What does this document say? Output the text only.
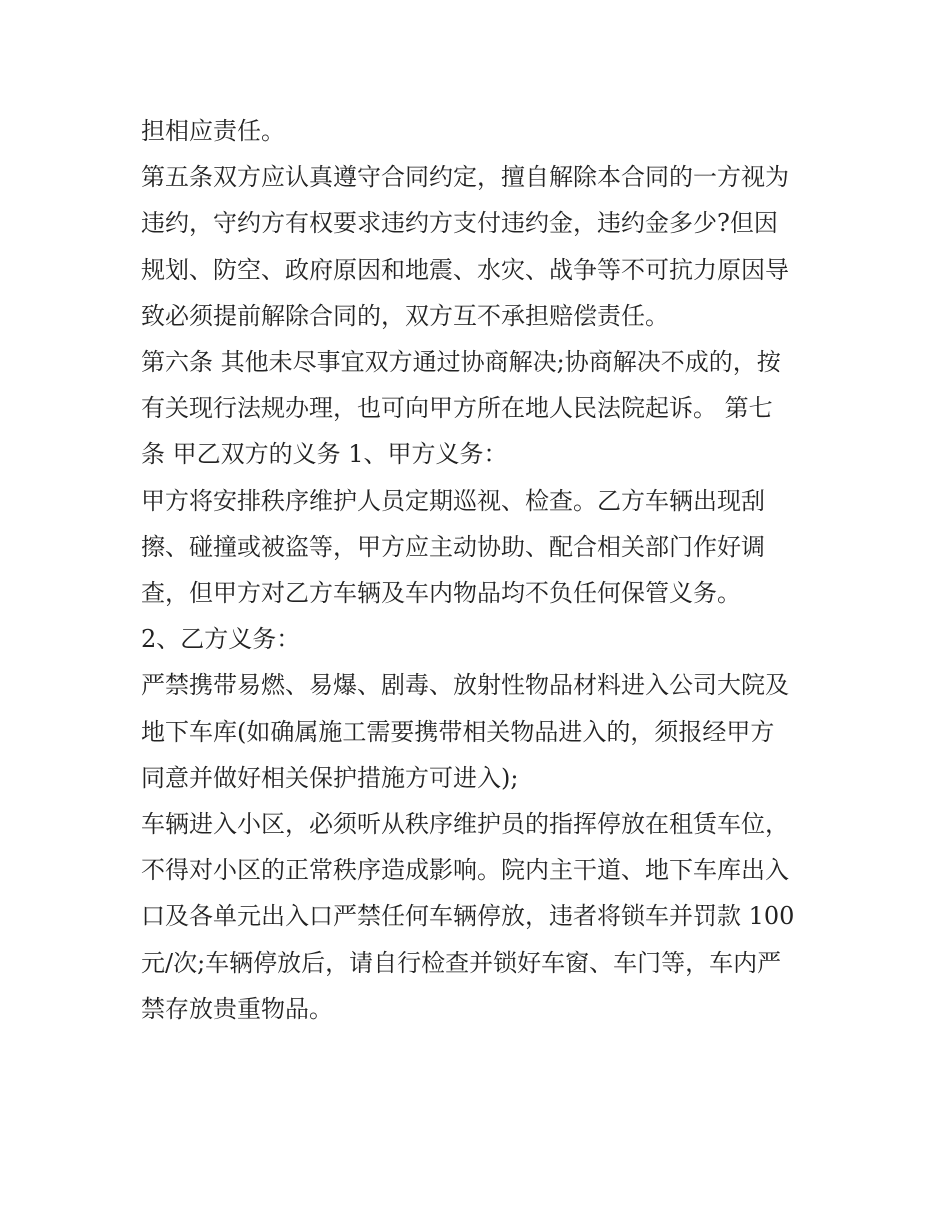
担相应责任。
第五条双方应认真遵守合同约定，擅自解除本合同的一方视为
违约，守约方有权要求违约方支付违约金，违约金多少?但因
规划、防空、政府原因和地震、水灾、战争等不可抗力原因导
致必须提前解除合同的，双方互不承担赔偿责任。
第六条 其他未尽事宜双方通过协商解决;协商解决不成的，按
有关现行法规办理，也可向甲方所在地人民法院起诉。 第七
条 甲乙双方的义务 1、甲方义务：
甲方将安排秩序维护人员定期巡视、检查。乙方车辆出现刮
擦、碰撞或被盗等，甲方应主动协助、配合相关部门作好调
查，但甲方对乙方车辆及车内物品均不负任何保管义务。
2、乙方义务：
严禁携带易燃、易爆、剧毒、放射性物品材料进入公司大院及
地下车库(如确属施工需要携带相关物品进入的，须报经甲方
同意并做好相关保护措施方可进入);
车辆进入小区，必须听从秩序维护员的指挥停放在租赁车位，
不得对小区的正常秩序造成影响。院内主干道、地下车库出入
口及各单元出入口严禁任何车辆停放，违者将锁车并罚款 100
元/次;车辆停放后，请自行检查并锁好车窗、车门等，车内严
禁存放贵重物品。
